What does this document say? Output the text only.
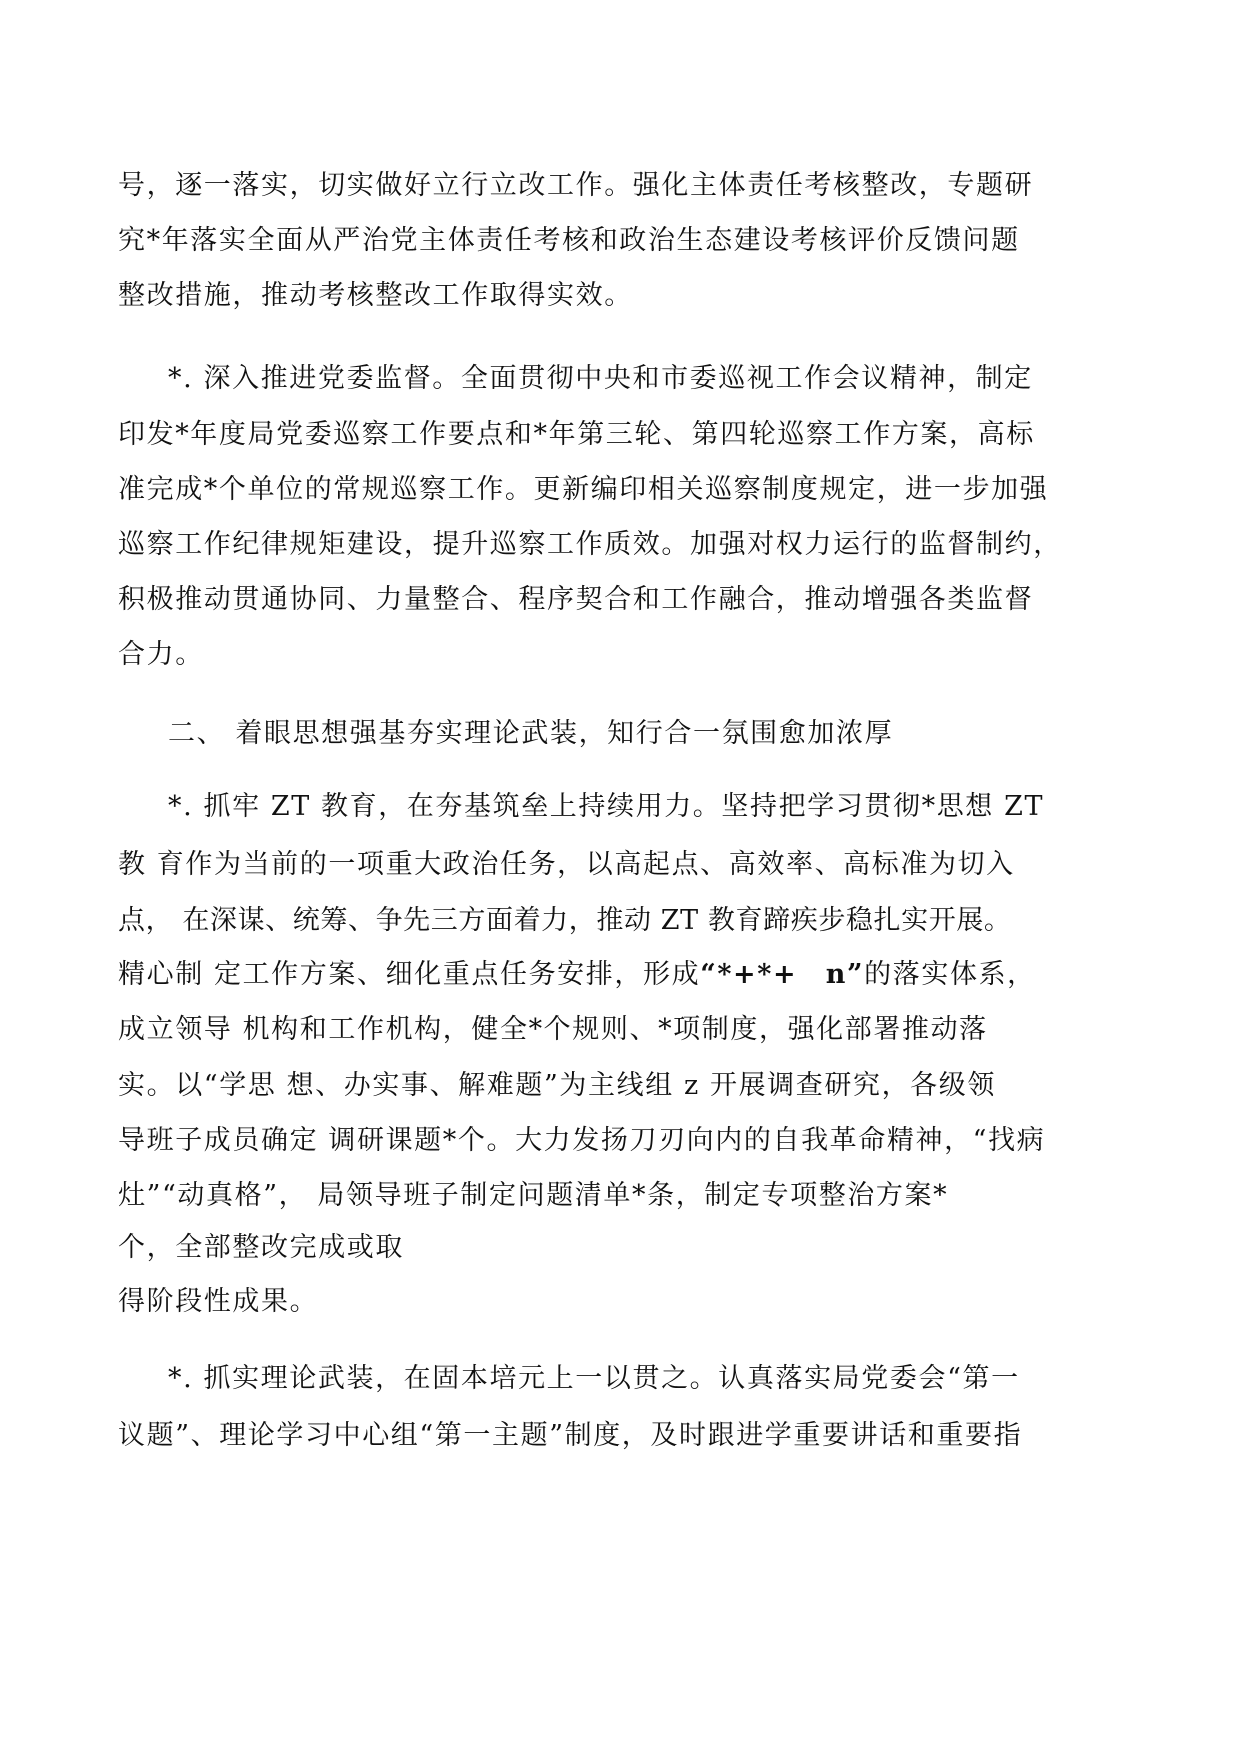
号，逐一落实，切实做好立行立改工作。强化主体责任考核整改，专题研
究*年落实全面从严治党主体责任考核和政治生态建设考核评价反馈问题
整改措施，推动考核整改工作取得实效。
*. 深入推进党委监督。全面贯彻中央和市委巡视工作会议精神，制定
印发*年度局党委巡察工作要点和*年第三轮、第四轮巡察工作方案，高标
准完成*个单位的常规巡察工作。更新编印相关巡察制度规定，进一步加强
巡察工作纪律规矩建设，提升巡察工作质效。加强对权力运行的监督制约，
积极推动贯通协同、力量整合、程序契合和工作融合，推动增强各类监督
合力。
二、 着眼思想强基夯实理论武装，知行合一氛围愈加浓厚
*. 抓牢 ZT 教育，在夯基筑垒上持续用力。坚持把学习贯彻*思想 ZT
教 育作为当前的一项重大政治任务，以高起点、高效率、高标准为切入
点， 在深谋、统筹、争先三方面着力，推动 ZT 教育蹄疾步稳扎实开展。
精心制 定工作方案、细化重点任务安排，形成“*+*+　n”的落实体系，
成立领导 机构和工作机构，健全*个规则、*项制度，强化部署推动落
实。以“学思 想、办实事、解难题”为主线组 z 开展调查研究，各级领
导班子成员确定 调研课题*个。大力发扬刀刃向内的自我革命精神，“找病
灶”“动真格”， 局领导班子制定问题清单*条，制定专项整治方案*
个，全部整改完成或取
得阶段性成果。
*. 抓实理论武装，在固本培元上一以贯之。认真落实局党委会“第一
议题”、理论学习中心组“第一主题”制度，及时跟进学重要讲话和重要指
